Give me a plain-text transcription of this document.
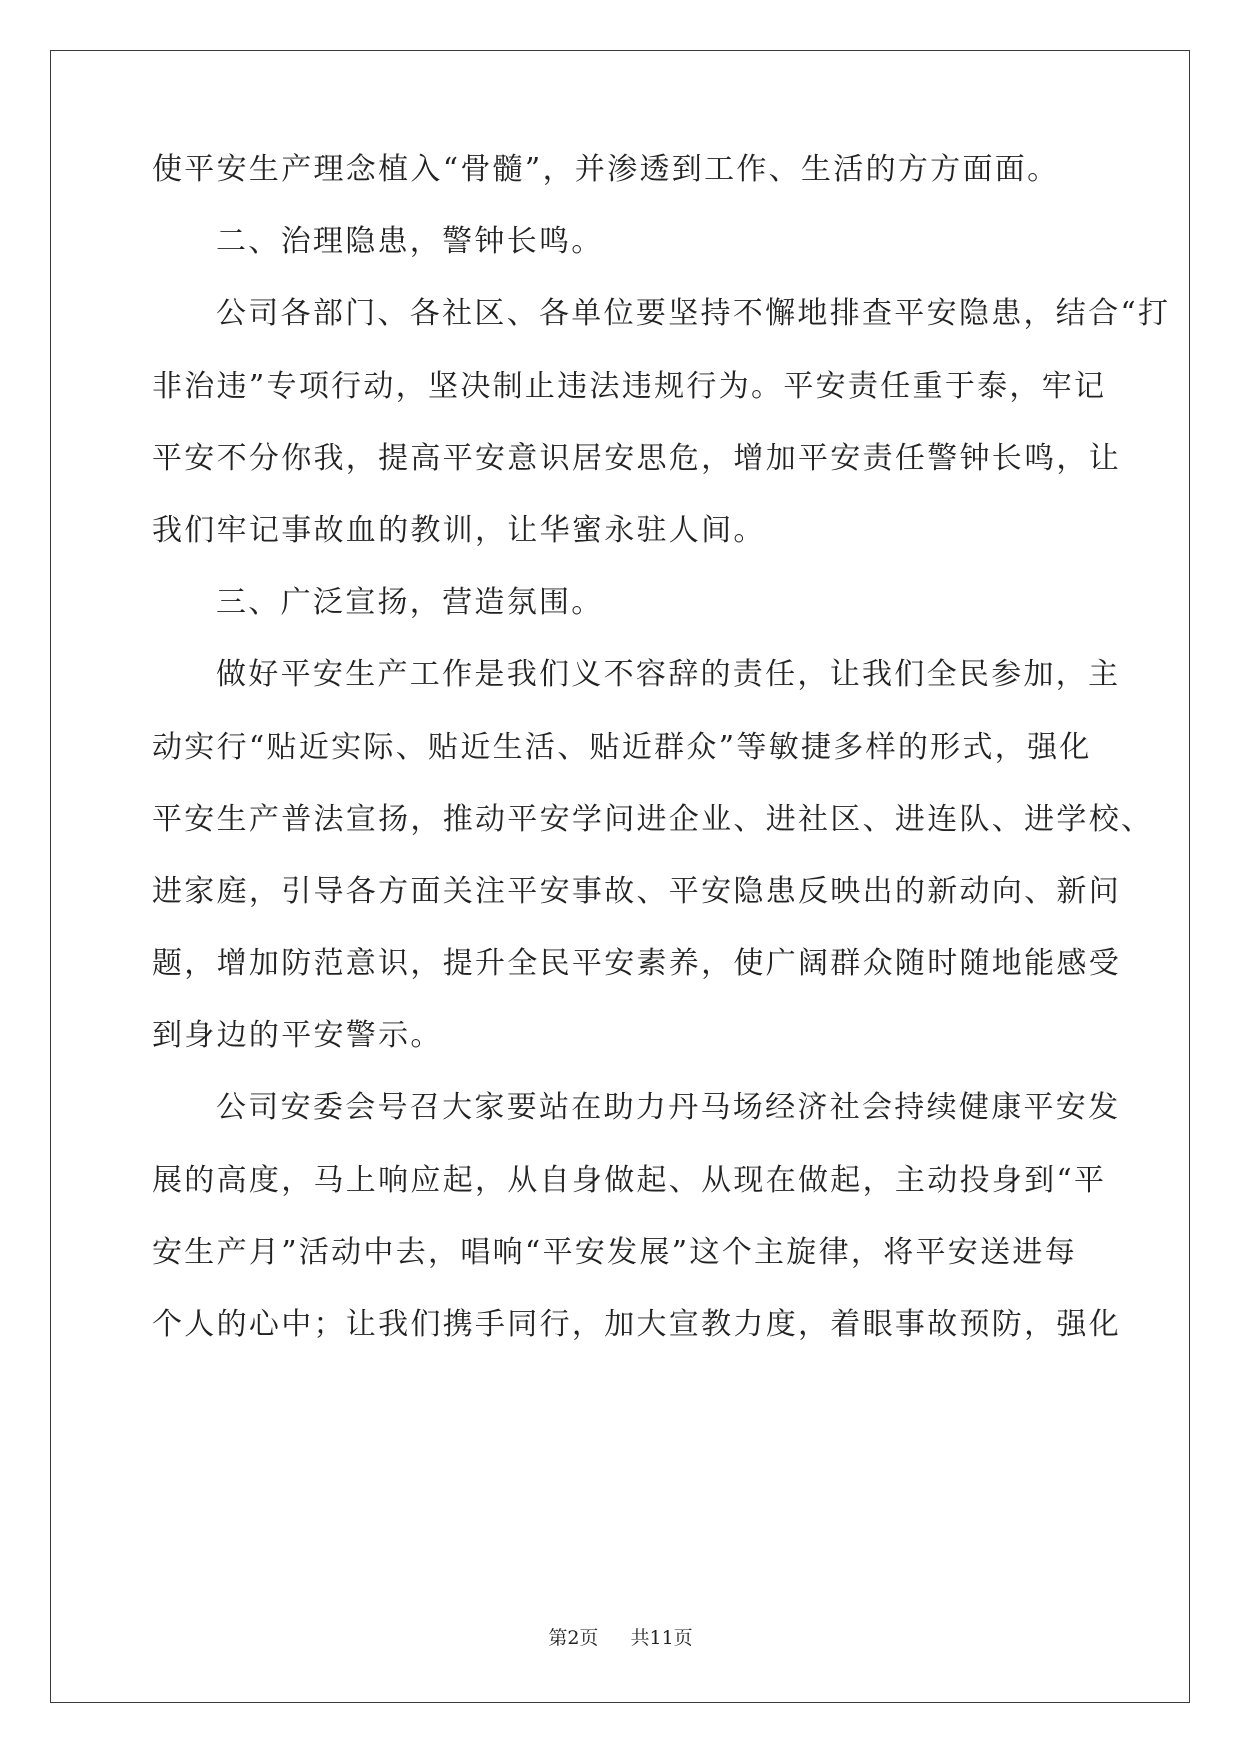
使平安生产理念植入“骨髓”，并渗透到工作、生活的方方面面。
二、治理隐患，警钟长鸣。
公司各部门、各社区、各单位要坚持不懈地排查平安隐患，结合“打
非治违”专项行动，坚决制止违法违规行为。平安责任重于泰，牢记
平安不分你我，提高平安意识居安思危，增加平安责任警钟长鸣，让
我们牢记事故血的教训，让华蜜永驻人间。
三、广泛宣扬，营造氛围。
做好平安生产工作是我们义不容辞的责任，让我们全民参加，主
动实行“贴近实际、贴近生活、贴近群众”等敏捷多样的形式，强化
平安生产普法宣扬，推动平安学问进企业、进社区、进连队、进学校、
进家庭，引导各方面关注平安事故、平安隐患反映出的新动向、新问
题，增加防范意识，提升全民平安素养，使广阔群众随时随地能感受
到身边的平安警示。
公司安委会号召大家要站在助力丹马场经济社会持续健康平安发
展的高度，马上响应起，从自身做起、从现在做起，主动投身到“平
安生产月”活动中去，唱响“平安发展”这个主旋律，将平安送进每
个人的心中；让我们携手同行，加大宣教力度，着眼事故预防，强化
第2页 共11页
